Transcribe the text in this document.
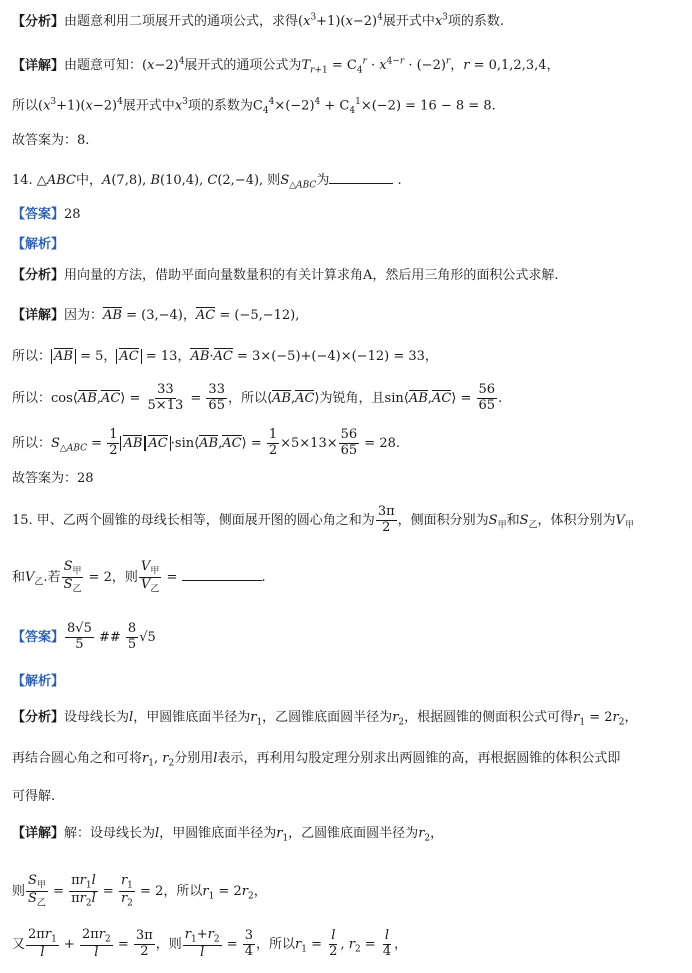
【分析】由题意利用二项展开式的通项公式，求得$(x^3+1)(x-2)^4$展开式中$x^3$项的系数.
【详解】由题意可知：$(x-2)^4$展开式的通项公式为$T_{r+1} = C_4^r \cdot x^{4-r} \cdot (-2)^r$，r = 0,1,2,3,4，
所以$(x^3+1)(x-2)^4$展开式中$x^3$项的系数为$C_4^4\times(-2)^4 + C_4^1\times(-2) = 16 - 8 = 8$.
故答案为：8.
14. △ABC中，A(7,8), B(10,4), C(2,−4), 则$S_{\triangle ABC}$为	.
【答案】28
【解析】
【分析】用向量的方法，借助平面向量数量积的有关计算求角A，然后用三角形的面积公式求解.
【详解】因为：AB = (3,−4)，AC = (−5,−12),
所以： AB = 5， AC = 13，AB·AC = 3×(−5)+(−4)×(−12) = 33，
所以：cos⟨AB,AC⟩ = $\frac{33}{5\times 13} = \frac{33}{65}$ ，所以⟨AB,AC⟩为锐角，且sin⟨AB,AC⟩ = $\frac{56}{65}$ .
所以：$S_{\triangle ABC} = \frac{1}{2}$ AB AC ·sin⟨AB,AC⟩ = $\frac{1}{2} \times 5\times 13\times \frac{56}{65} = 28$.
故答案为：28
15. 甲、乙两个圆锥的母线长相等，侧面展开图的圆心角之和为 $\frac{3\pi}{2}$ ，侧面积分别为$S_甲$和$S_乙$，体积分别为$V_甲$
和$V_乙$.若
$S_甲$
$S_乙$
= 2，则
$V_甲$
$V_乙$
=	.
【答案】 $\frac{8√5}{5}$ ## $\frac{8}{5} √5$
【解析】
【分析】设母线长为l，甲圆锥底面半径为$r_1$，乙圆锥底面圆半径为$r_2$，根据圆锥的侧面积公式可得$r_1 = 2r_2$，
再结合圆心角之和可将$r_1$, $r_2$分别用l表示，再利用勾股定理分别求出两圆锥的高，再根据圆锥的体积公式即
可得解.
【详解】解：设母线长为l，甲圆锥底面半径为$r_1$，乙圆锥底面圆半径为$r_2$，
则
$S_甲$
$S_乙$
= $\frac{\pi r_1l}{\pi r_2l} = \frac{r_1}{r_2} = 2$，所以$r_1 = 2r_2$，
又 $\frac{2\pi r_1}{l} + \frac{2\pi r_2}{l} = \frac{3\pi}{2}$ ，则 $\frac{r_1+r_2}{l} = \frac{3}{4}$ ，所以$r_1 = \frac{l}{2}$ , $r_2 = \frac{l}{4}$ ，
